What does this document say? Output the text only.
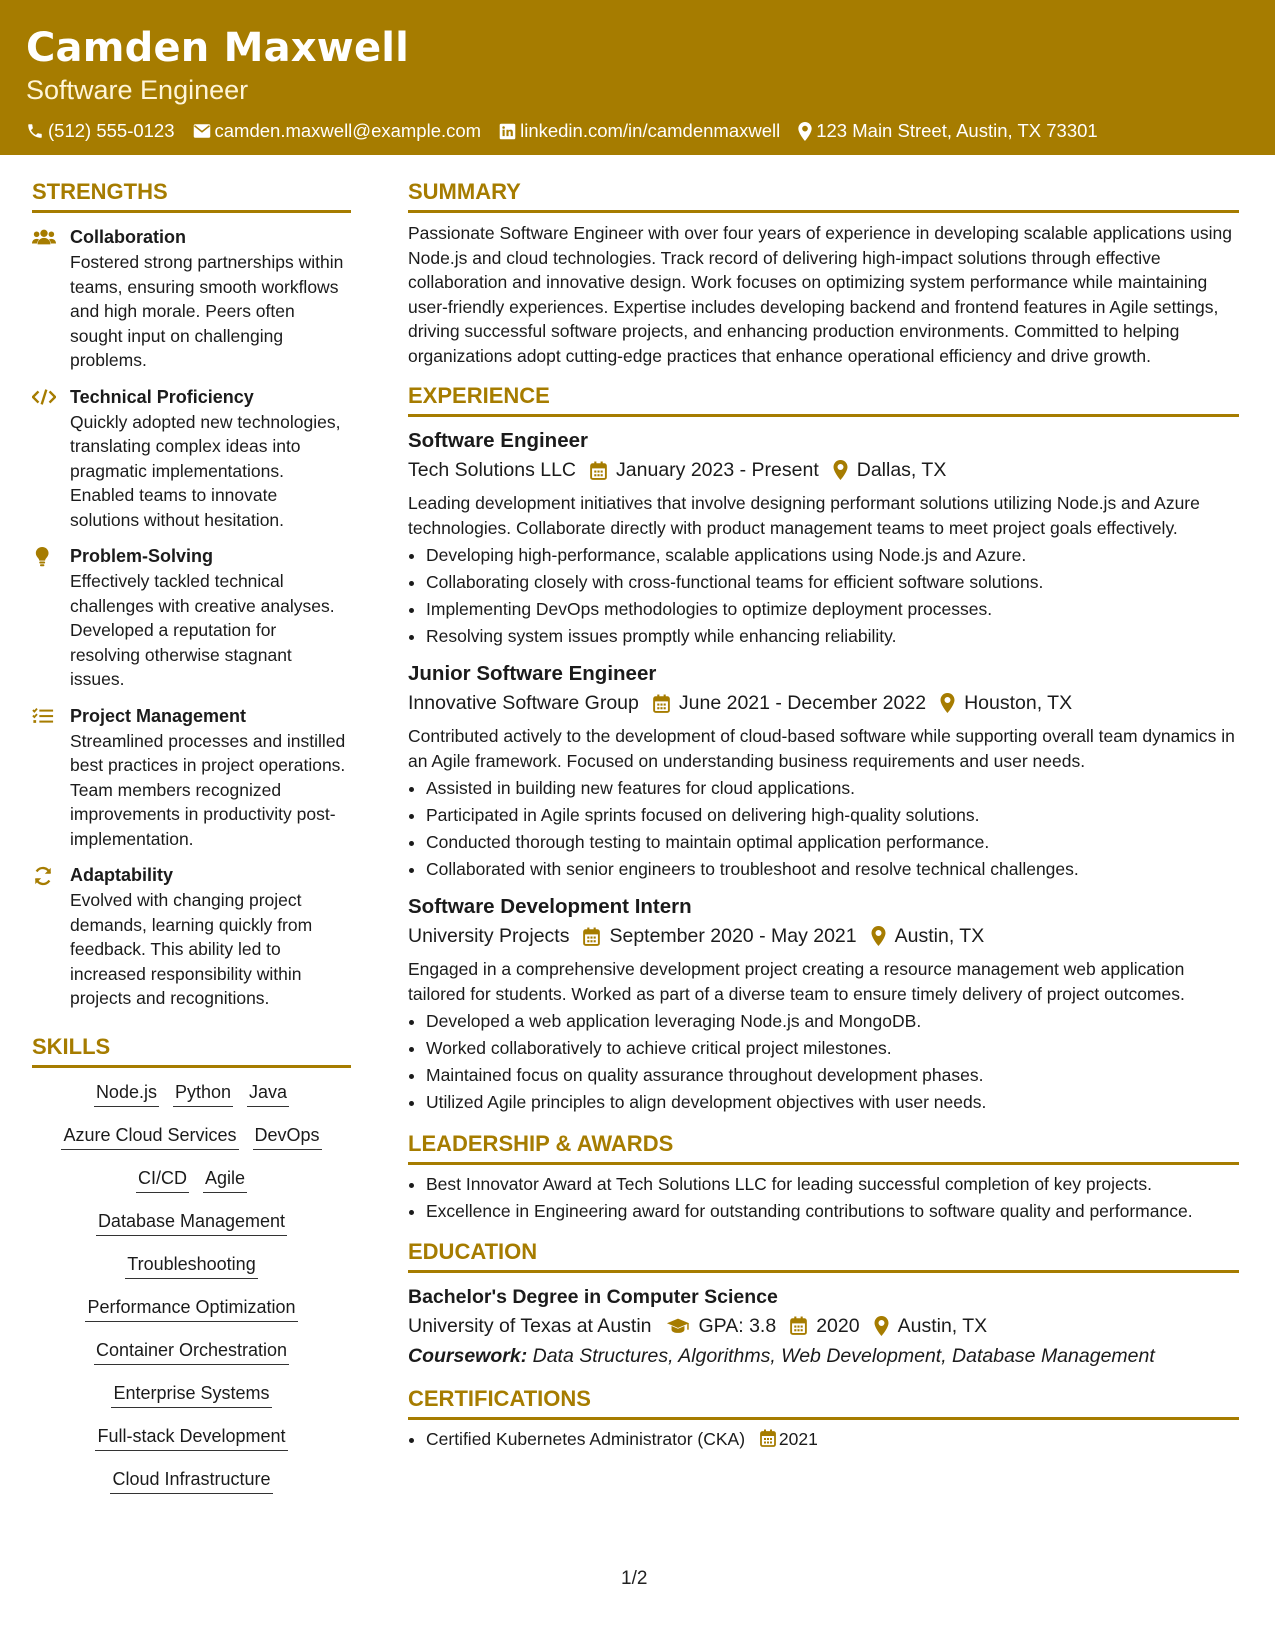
Camden Maxwell
Software Engineer
(512) 555-0123 camden.maxwell@example.com linkedin.com/in/camdenmaxwell 123 Main Street, Austin, TX 73301
STRENGTHS
Collaboration
Fostered strong partnerships within teams, ensuring smooth workflows and high morale. Peers often sought input on challenging problems.
Technical Proficiency
Quickly adopted new technologies, translating complex ideas into pragmatic implementations. Enabled teams to innovate solutions without hesitation.
Problem-Solving
Effectively tackled technical challenges with creative analyses. Developed a reputation for resolving otherwise stagnant issues.
Project Management
Streamlined processes and instilled best practices in project operations. Team members recognized improvements in productivity post-implementation.
Adaptability
Evolved with changing project demands, learning quickly from feedback. This ability led to increased responsibility within projects and recognitions.
SKILLS
Node.js Python Java
Azure Cloud Services DevOps
CI/CD Agile
Database Management
Troubleshooting
Performance Optimization
Container Orchestration
Enterprise Systems
Full-stack Development
Cloud Infrastructure
SUMMARY
Passionate Software Engineer with over four years of experience in developing scalable applications using Node.js and cloud technologies. Track record of delivering high-impact solutions through effective collaboration and innovative design. Work focuses on optimizing system performance while maintaining user-friendly experiences. Expertise includes developing backend and frontend features in Agile settings, driving successful software projects, and enhancing production environments. Committed to helping organizations adopt cutting-edge practices that enhance operational efficiency and drive growth.
EXPERIENCE
Software Engineer
Tech Solutions LLC January 2023 - Present Dallas, TX
Leading development initiatives that involve designing performant solutions utilizing Node.js and Azure technologies. Collaborate directly with product management teams to meet project goals effectively.
• Developing high-performance, scalable applications using Node.js and Azure.
• Collaborating closely with cross-functional teams for efficient software solutions.
• Implementing DevOps methodologies to optimize deployment processes.
• Resolving system issues promptly while enhancing reliability.
Junior Software Engineer
Innovative Software Group June 2021 - December 2022 Houston, TX
Contributed actively to the development of cloud-based software while supporting overall team dynamics in an Agile framework. Focused on understanding business requirements and user needs.
• Assisted in building new features for cloud applications.
• Participated in Agile sprints focused on delivering high-quality solutions.
• Conducted thorough testing to maintain optimal application performance.
• Collaborated with senior engineers to troubleshoot and resolve technical challenges.
Software Development Intern
University Projects September 2020 - May 2021 Austin, TX
Engaged in a comprehensive development project creating a resource management web application tailored for students. Worked as part of a diverse team to ensure timely delivery of project outcomes.
• Developed a web application leveraging Node.js and MongoDB.
• Worked collaboratively to achieve critical project milestones.
• Maintained focus on quality assurance throughout development phases.
• Utilized Agile principles to align development objectives with user needs.
LEADERSHIP & AWARDS
• Best Innovator Award at Tech Solutions LLC for leading successful completion of key projects.
• Excellence in Engineering award for outstanding contributions to software quality and performance.
EDUCATION
Bachelor's Degree in Computer Science
University of Texas at Austin GPA: 3.8 2020 Austin, TX
Coursework: Data Structures, Algorithms, Web Development, Database Management
CERTIFICATIONS
• Certified Kubernetes Administrator (CKA) 2021
1/2
